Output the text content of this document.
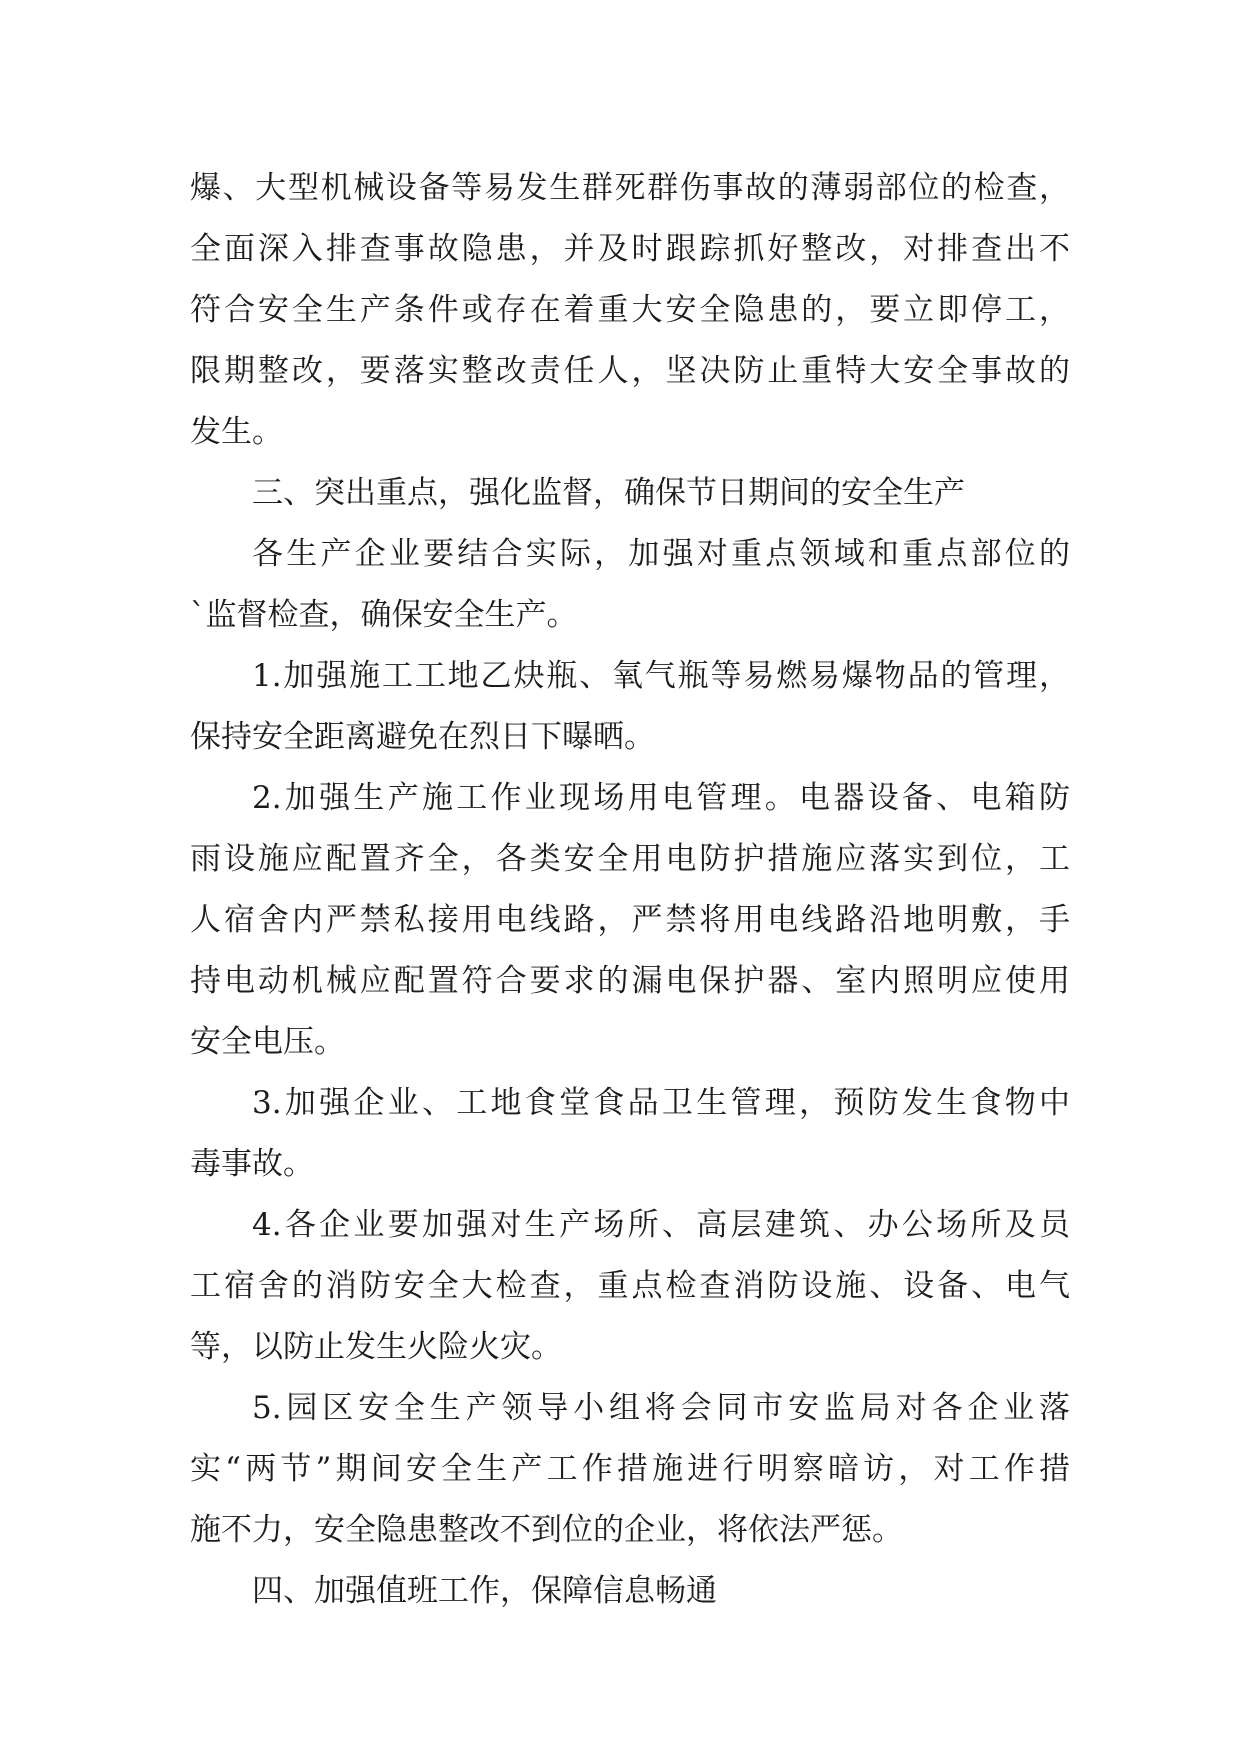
爆、大型机械设备等易发生群死群伤事故的薄弱部位的检查，
全面深入排查事故隐患，并及时跟踪抓好整改，对排查出不
符合安全生产条件或存在着重大安全隐患的，要立即停工，
限期整改，要落实整改责任人，坚决防止重特大安全事故的
发生。
三、突出重点，强化监督，确保节日期间的安全生产
各生产企业要结合实际，加强对重点领域和重点部位的
`监督检查，确保安全生产。
1.加强施工工地乙炔瓶、氧气瓶等易燃易爆物品的管理，
保持安全距离避免在烈日下曝晒。
2.加强生产施工作业现场用电管理。电器设备、电箱防
雨设施应配置齐全，各类安全用电防护措施应落实到位，工
人宿舍内严禁私接用电线路，严禁将用电线路沿地明敷，手
持电动机械应配置符合要求的漏电保护器、室内照明应使用
安全电压。
3.加强企业、工地食堂食品卫生管理，预防发生食物中
毒事故。
4.各企业要加强对生产场所、高层建筑、办公场所及员
工宿舍的消防安全大检查，重点检查消防设施、设备、电气
等，以防止发生火险火灾。
5.园区安全生产领导小组将会同市安监局对各企业落
实“两节”期间安全生产工作措施进行明察暗访，对工作措
施不力，安全隐患整改不到位的企业，将依法严惩。
四、加强值班工作，保障信息畅通
